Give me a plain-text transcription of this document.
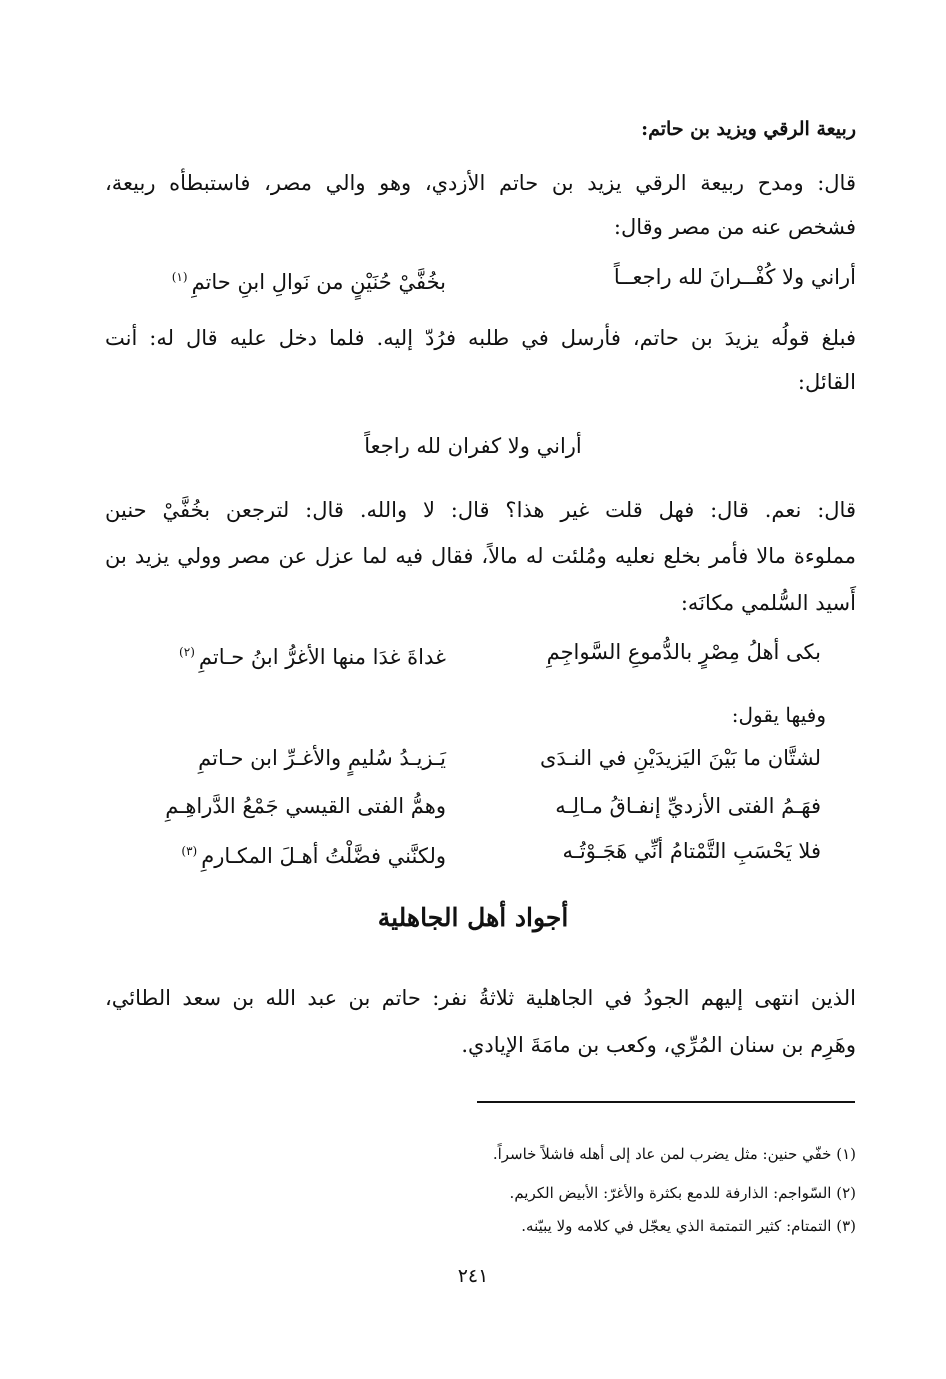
ربيعة الرقي ويزيد بن حاتم:
قال: ومدح ربيعة الرقي يزيد بن حاتم الأزدي، وهو والي مصر، فاستبطأه ربيعة،
فشخص عنه من مصر وقال:
أراني ولا كُفْــرانَ لله راجعــاً
بخُفَّيْ حُنَيْنٍ من نَوالِ ابنِ حاتمِ$^{(١)}$
فبلغ قولُه يزيدَ بن حاتم، فأرسل في طلبه فرُدّ إليه. فلما دخل عليه قال له: أنت
القائل:
أراني ولا كفران لله راجعاً
قال: نعم. قال: فهل قلت غير هذا؟ قال: لا والله. قال: لترجعن بخُفَّيْ حنين
مملوءة مالا فأمر بخلع نعليه ومُلئت له مالاً، فقال فيه لما عزل عن مصر وولي يزيد بن
أَسيد السُّلمي مكانَه:
بكى أهلُ مِصْرٍ بالدُّموعِ السَّواجِمِ
غداةَ غدَا منها الأغرُّ ابنُ حـاتمِ$^{(٢)}$
وفيها يقول:
لشتَّان ما بَيْنَ اليَزيدَيْنِ في النـدَى
يَـزيـدُ سُليمٍ والأغـرِّ ابن حـاتمِ
فهَـمُ الفتى الأزديِّ إنفـاقُ مـالِـه
وهمُّ الفتى القيسي جَمْعُ الدَّراهِـمِ
فلا يَحْسَبِ التَّمْتامُ أنِّي هَجَـوْتُـه
ولكنَّني فضَّلْتُ أهـلَ المكـارمِ$^{(٣)}$
أجواد أهل الجاهلية
الذين انتهى إليهم الجودُ في الجاهلية ثلاثةُ نفر: حاتم بن عبد الله بن سعد الطائي،
وهَرِم بن سنان المُرِّي، وكعب بن مامَةَ الإيادي.
(١) خفّي حنين: مثل يضرب لمن عاد إلى أهله فاشلاً خاسراً.
(٢) السّواجم: الذارفة للدمع بكثرة والأغرّ: الأبيض الكريم.
(٣) التمتام: كثير التمتمة الذي يعجّل في كلامه ولا يبيّنه.
٢٤١
